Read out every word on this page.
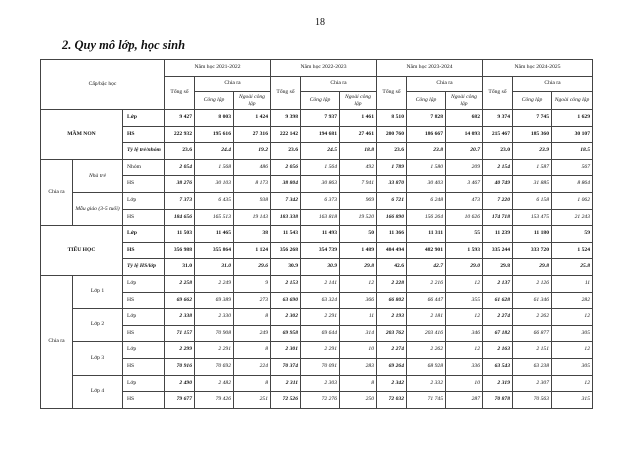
18
2. Quy mô lớp, học sinh
Cấp/bậc học			Năm học 2021-2022			Năm học 2022-2023			Năm học 2023-2024			Năm học 2024-2025		
			Tổng số	Chia ra		Tổng số	Chia ra		Tổng số	Chia ra		Tổng số	Chia ra	
				Công lập	Ngoài công lập		Công lập	Ngoài công lập		Công lập	Ngoài công lập		Công lập	Ngoài công lập
MẦM NON		Lớp	9 427	8 003	1 424	9 398	7 937	1 461	8 510	7 828	682	9 374	7 745	1 629
		HS	222 932	195 616	27 316	222 142	194 681	27 461	200 760	186 667	14 093	215 467	185 360	30 107
		Tỷ lệ trẻ/nhóm	23.6	24.4	19.2	23.6	24.5	18.8	23.6	23.8	20.7	23.0	23.9	18.5
Chia ra	Nhà trẻ	Nhóm	2 054	1 568	486	2 056	1 564	492	1 789	1 580	209	2 154	1 587	567
		HS	38 276	30 103	8 173	38 804	30 863	7 941	33 870	30 403	3 467	40 749	31 885	8 864
	Mẫu giáo (3-5 tuổi)	Lớp	7 373	6 435	938	7 342	6 373	969	6 721	6 248	473	7 220	6 158	1 062
		HS	184 656	165 513	19 143	183 338	163 818	19 520	166 890	156 264	10 626	174 718	153 475	21 243
TIỂU HỌC		Lớp	11 503	11 465	38	11 543	11 493	50	11 366	11 311	55	11 239	11 180	59
		HS	356 988	355 864	1 124	356 268	354 739	1 489	484 494	482 901	1 593	335 244	333 720	1 524
		Tỷ lệ HS/lớp	31.0	31.0	29.6	30.9	30.9	29.8	42.6	42.7	29.0	29.8	29.8	25.8
Chia ra	Lớp 1	Lớp	2 258	2 249	9	2 153	2 141	12	2 228	2 216	12	2 137	2 126	11
		HS	69 662	69 389	273	63 690	63 324	366	66 802	66 447	355	61 628	61 346	282
	Lớp 2	Lớp	2 338	2 330	8	2 302	2 291	11	2 193	2 181	12	2 274	2 262	12
		HS	71 157	70 908	249	69 958	69 644	314	203 762	203 416	346	67 182	66 877	305
	Lớp 3	Lớp	2 299	2 291	8	2 301	2 291	10	2 274	2 262	12	2 163	2 151	12
		HS	70 916	70 692	224	70 374	70 091	283	69 264	68 928	336	63 543	63 238	305
	Lớp 4	Lớp	2 490	2 482	8	2 311	2 303	8	2 342	2 332	10	2 319	2 307	12
		HS	79 677	79 426	251	72 526	72 276	250	72 032	71 745	287	70 878	70 563	315
